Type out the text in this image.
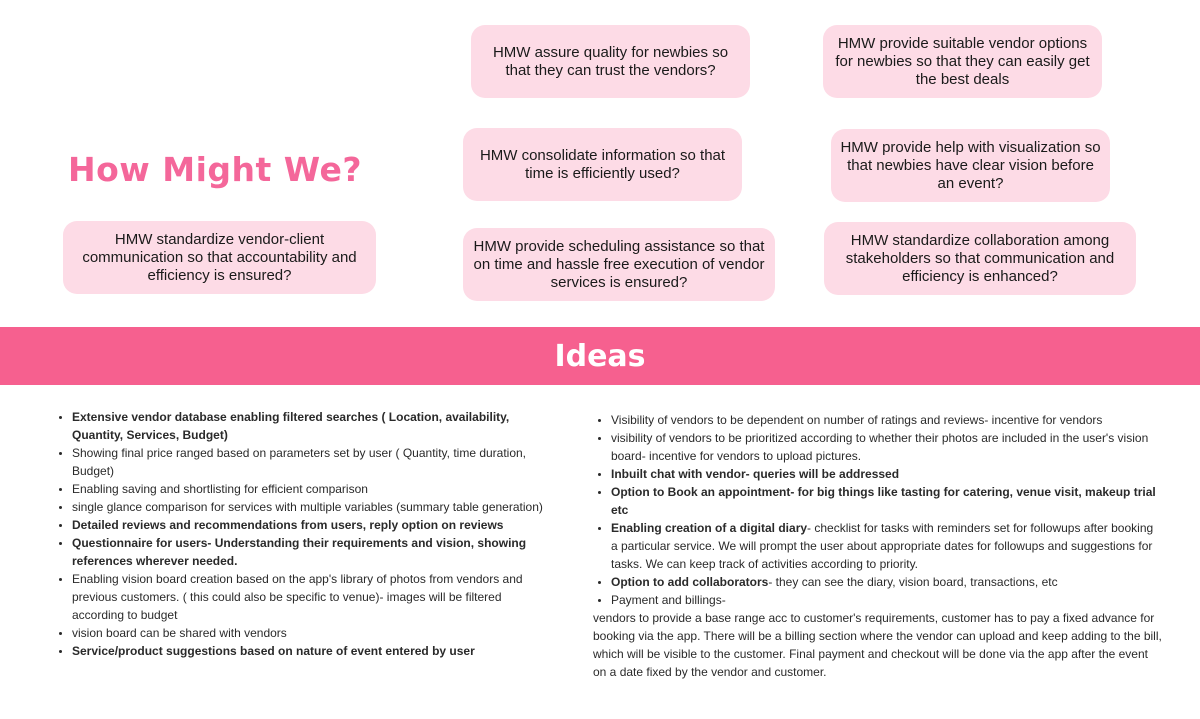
How Might We?
HMW assure quality for newbies so that they can trust the vendors?
HMW provide suitable vendor options for newbies so that they can easily get the best deals
HMW consolidate information so that time is efficiently used?
HMW provide help with visualization so that newbies have clear vision before an event?
HMW standardize vendor-client communication so that accountability and efficiency is ensured?
HMW provide scheduling assistance so that on time and hassle free execution of vendor services is ensured?
HMW standardize collaboration among stakeholders so that communication and efficiency is enhanced?
Ideas
• Extensive vendor database enabling filtered searches ( Location, availability, Quantity, Services, Budget)
• Showing final price ranged based on parameters set by user ( Quantity, time duration, Budget)
• Enabling saving and shortlisting for efficient comparison
• single glance comparison for services with multiple variables (summary table generation)
• Detailed reviews and recommendations from users, reply option on reviews
• Questionnaire for users- Understanding their requirements and vision, showing references wherever needed.
• Enabling vision board creation based on the app's library of photos from vendors and previous customers. ( this could also be specific to venue)- images will be filtered according to budget
• vision board can be shared with vendors
• Service/product suggestions based on nature of event entered by user
• Visibility of vendors to be dependent on number of ratings and reviews- incentive for vendors
• visibility of vendors to be prioritized according to whether their photos are included in the user's vision board- incentive for vendors to upload pictures.
• Inbuilt chat with vendor- queries will be addressed
• Option to Book an appointment- for big things like tasting for catering, venue visit, makeup trial etc
• Enabling creation of a digital diary- checklist for tasks with reminders set for followups after booking a particular service. We will prompt the user about appropriate dates for followups and suggestions for tasks. We can keep track of activities according to priority.
• Option to add collaborators- they can see the diary, vision board, transactions, etc
• Payment and billings-

vendors to provide a base range acc to customer's requirements, customer has to pay a fixed advance for booking via the app. There will be a billing section where the vendor can upload and keep adding to the bill, which will be visible to the customer. Final payment and checkout will be done via the app after the event on a date fixed by the vendor and customer.
